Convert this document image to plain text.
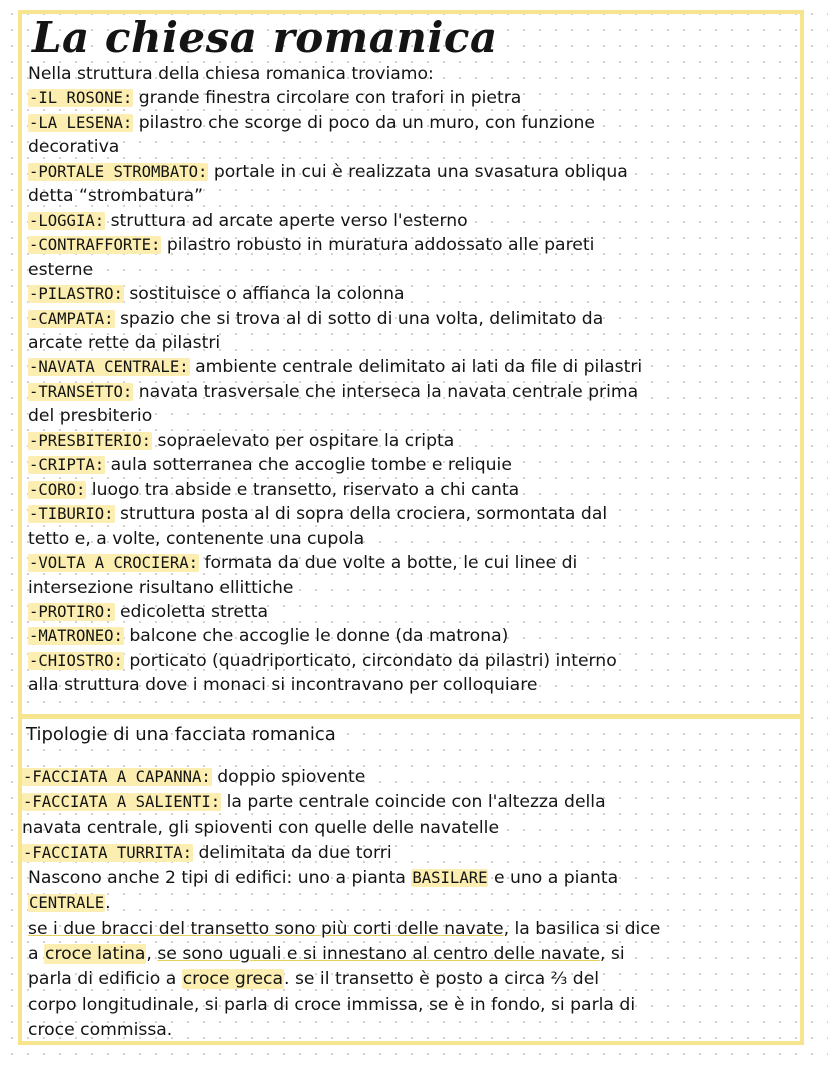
La chiesa romanica
Nella struttura della chiesa romanica troviamo:
-IL ROSONE: grande finestra circolare con trafori in pietra
-LA LESENA: pilastro che scorge di poco da un muro, con funzione
decorativa
-PORTALE STROMBATO: portale in cui è realizzata una svasatura obliqua
detta “strombatura”
-LOGGIA: struttura ad arcate aperte verso l'esterno
-CONTRAFFORTE: pilastro robusto in muratura addossato alle pareti
esterne
-PILASTRO: sostituisce o affianca la colonna
-CAMPATA: spazio che si trova al di sotto di una volta, delimitato da
arcate rette da pilastri
-NAVATA CENTRALE: ambiente centrale delimitato ai lati da file di pilastri
-TRANSETTO: navata trasversale che interseca la navata centrale prima
del presbiterio
-PRESBITERIO: sopraelevato per ospitare la cripta
-CRIPTA: aula sotterranea che accoglie tombe e reliquie
-CORO: luogo tra abside e transetto, riservato a chi canta
-TIBURIO: struttura posta al di sopra della crociera, sormontata dal
tetto e, a volte, contenente una cupola
-VOLTA A CROCIERA: formata da due volte a botte, le cui linee di
intersezione risultano ellittiche
-PROTIRO: edicoletta stretta
-MATRONEO: balcone che accoglie le donne (da matrona)
-CHIOSTRO: porticato (quadriporticato, circondato da pilastri) interno
alla struttura dove i monaci si incontravano per colloquiare
Tipologie di una facciata romanica
-FACCIATA A CAPANNA: doppio spiovente
-FACCIATA A SALIENTI: la parte centrale coincide con l'altezza della
navata centrale, gli spioventi con quelle delle navatelle
-FACCIATA TURRITA: delimitata da due torri
Nascono anche 2 tipi di edifici: uno a pianta BASILARE e uno a pianta
CENTRALE.
se i due bracci del transetto sono più corti delle navate, la basilica si dice
a croce latina, se sono uguali e si innestano al centro delle navate, si
parla di edificio a croce greca. se il transetto è posto a circa ⅔ del
corpo longitudinale, si parla di croce immissa, se è in fondo, si parla di
croce commissa.
